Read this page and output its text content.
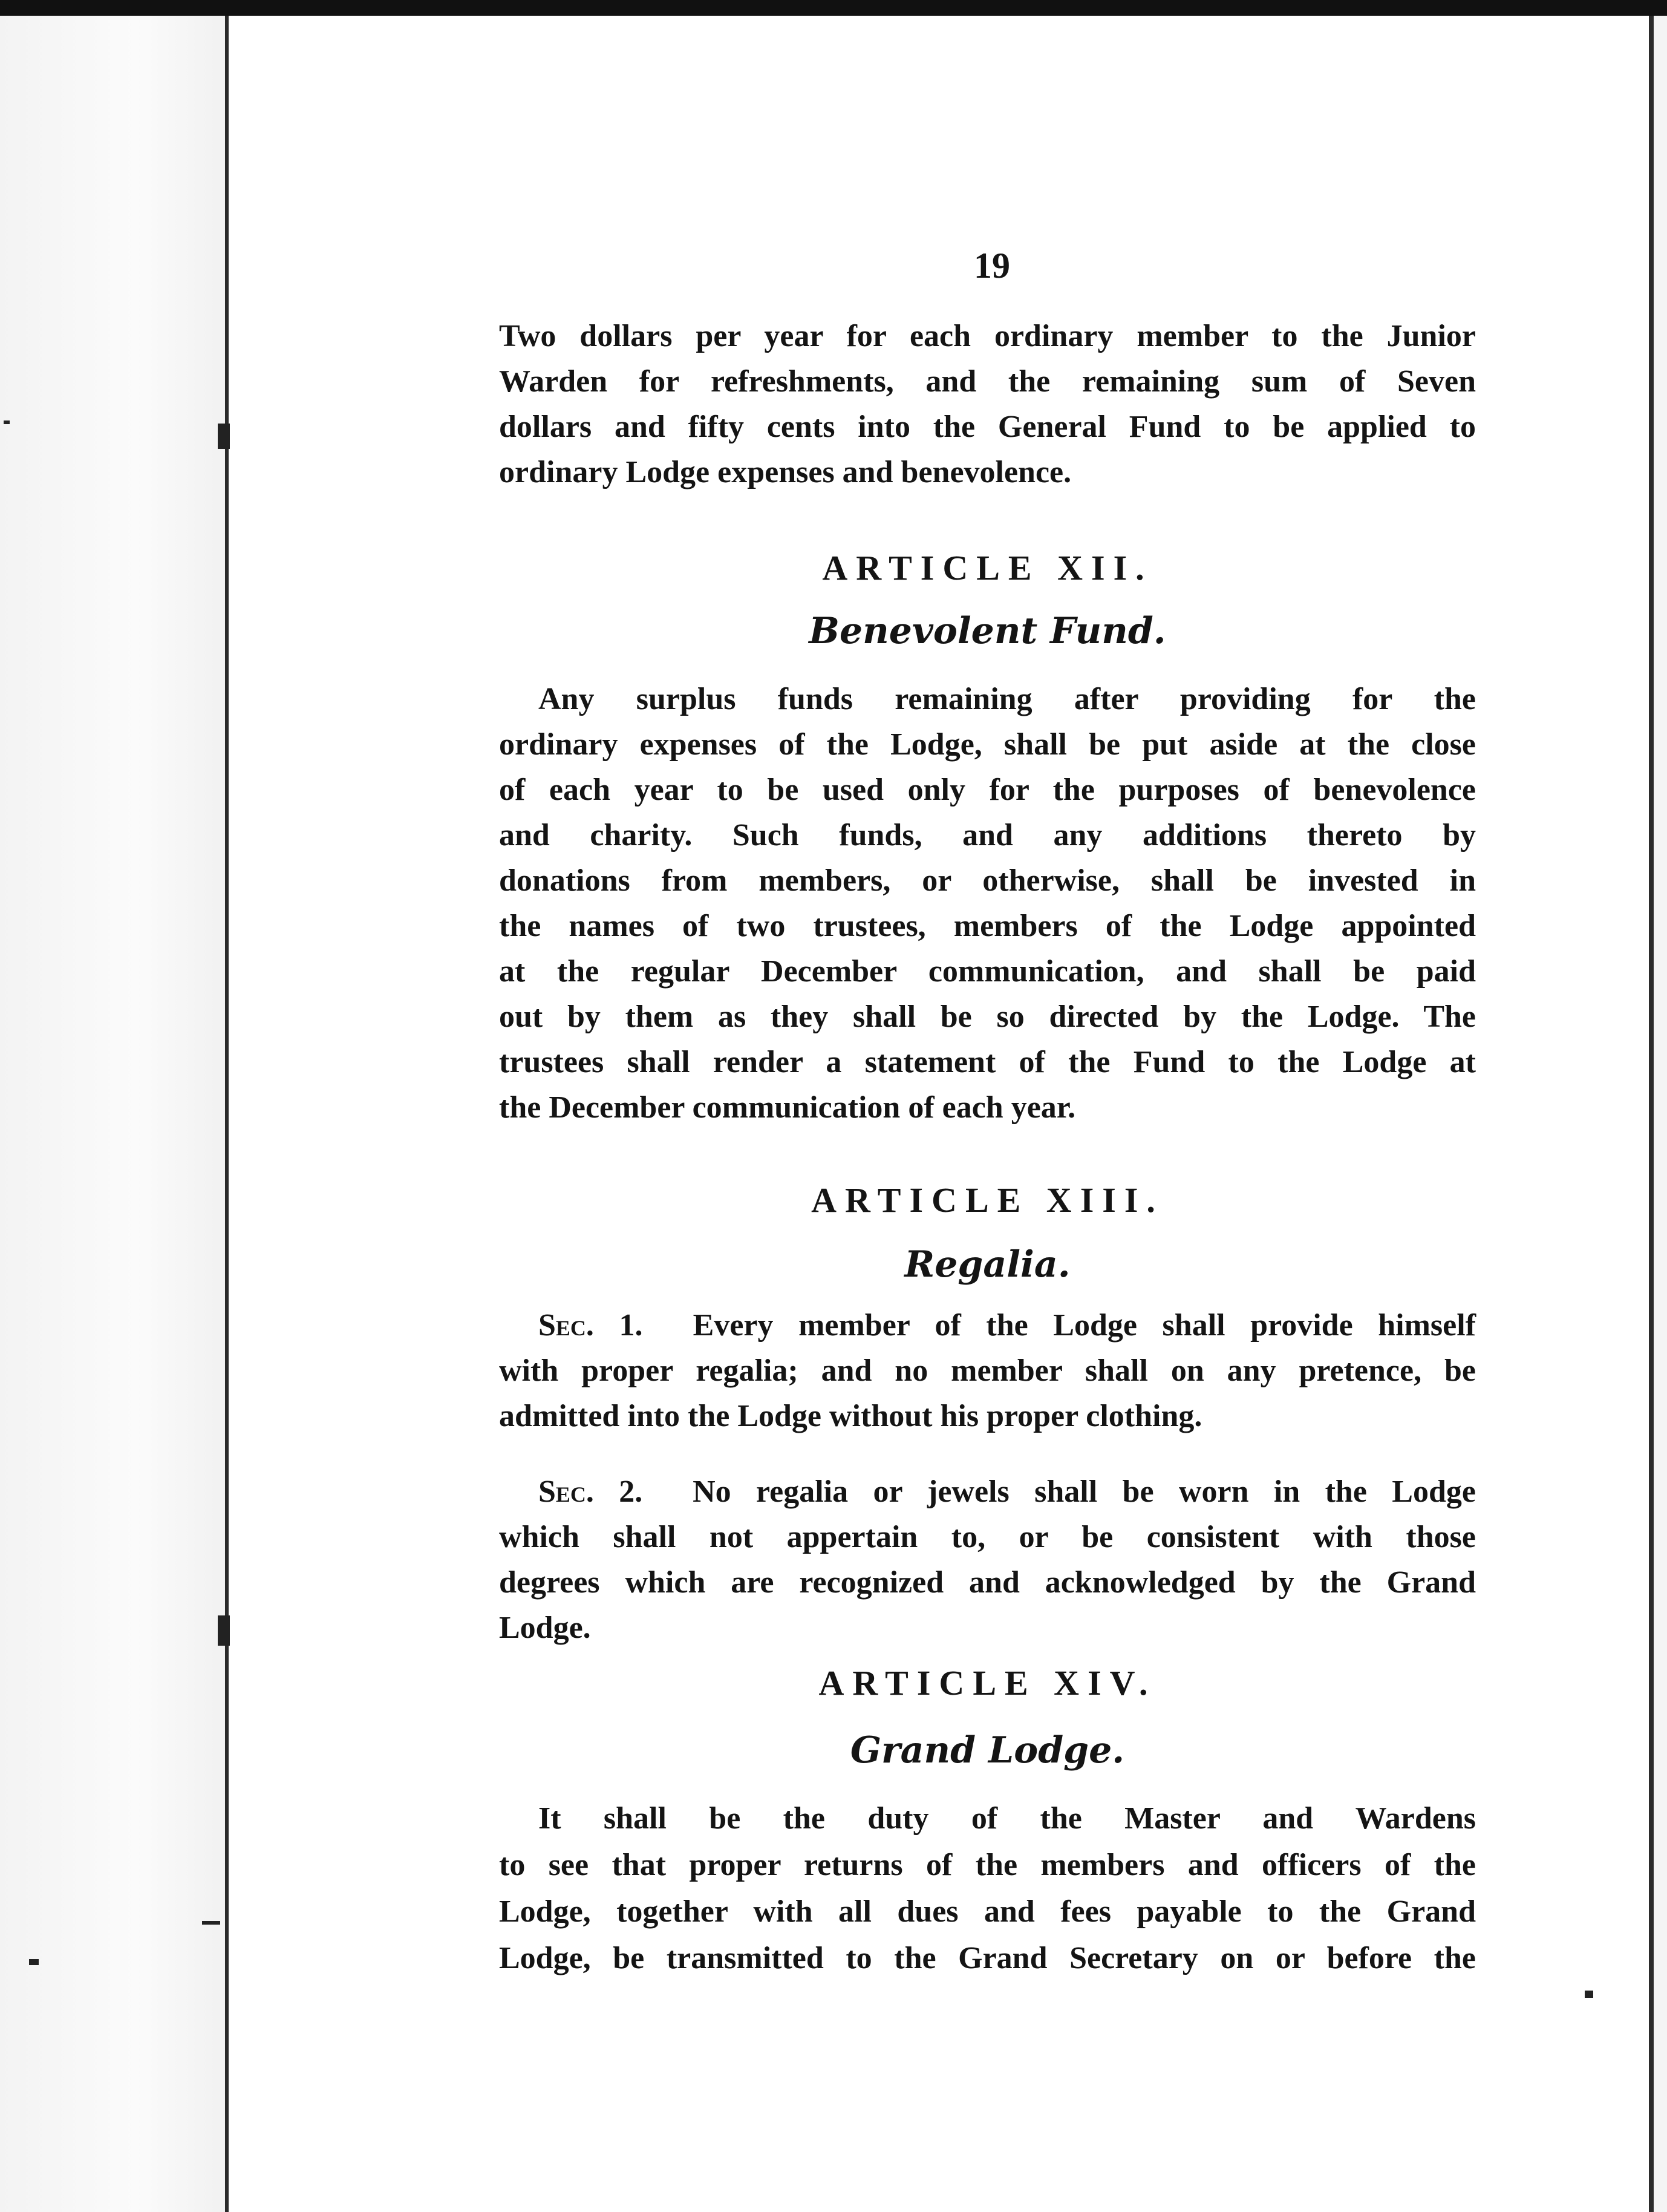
19
Two dollars per year for each ordinary member to the Junior
Warden for refreshments, and the remaining sum of Seven
dollars and fifty cents into the General Fund to be applied to
ordinary Lodge expenses and benevolence.
ARTICLE XII.
Benevolent Fund.
Any surplus funds remaining after providing for the
ordinary expenses of the Lodge, shall be put aside at the close
of each year to be used only for the purposes of benevolence
and charity. Such funds, and any additions thereto by
donations from members, or otherwise, shall be invested in
the names of two trustees, members of the Lodge appointed
at the regular December communication, and shall be paid
out by them as they shall be so directed by the Lodge. The
trustees shall render a statement of the Fund to the Lodge at
the December communication of each year.
ARTICLE XIII.
Regalia.
Sec. 1. Every member of the Lodge shall provide himself
with proper regalia; and no member shall on any pretence, be
admitted into the Lodge without his proper clothing.
Sec. 2. No regalia or jewels shall be worn in the Lodge
which shall not appertain to, or be consistent with those
degrees which are recognized and acknowledged by the Grand
Lodge.
ARTICLE XIV.
Grand Lodge.
It shall be the duty of the Master and Wardens
to see that proper returns of the members and officers of the
Lodge, together with all dues and fees payable to the Grand
Lodge, be transmitted to the Grand Secretary on or before the
